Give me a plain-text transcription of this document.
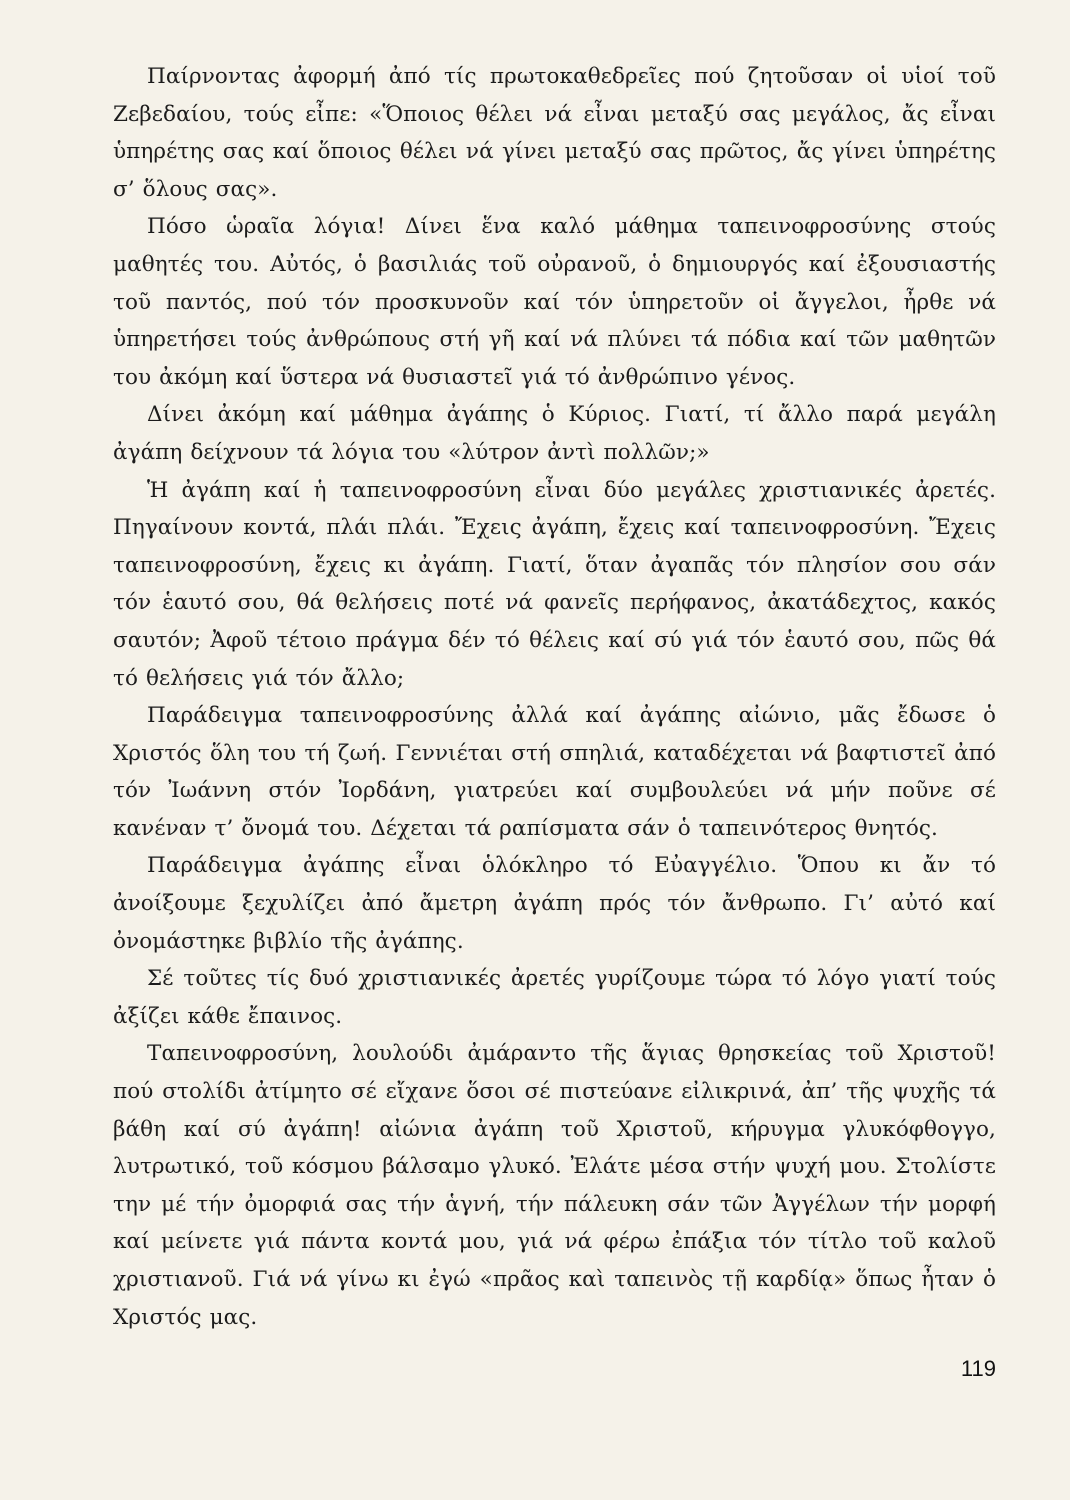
Παίρνοντας ἀφορμή ἀπό τίς πρωτοκαθεδρεῖες πού ζητοῦσαν οἱ υἱοί τοῦ Ζεβεδαίου, τούς εἶπε: «Ὅποιος θέλει νά εἶναι μεταξύ σας μεγάλος, ἄς εἶναι ὑπηρέτης σας καί ὅποιος θέλει νά γίνει μεταξύ σας πρῶτος, ἄς γίνει ὑπηρέτης σ’ ὅλους σας».

Πόσο ὡραῖα λόγια! Δίνει ἕνα καλό μάθημα ταπεινοφροσύνης στούς μαθητές του. Αὐτός, ὁ βασιλιάς τοῦ οὐρανοῦ, ὁ δημιουργός καί ἐξουσιαστής τοῦ παντός, πού τόν προσκυνοῦν καί τόν ὑπηρετοῦν οἱ ἄγγελοι, ἦρθε νά ὑπηρετήσει τούς ἀνθρώπους στή γῆ καί νά πλύνει τά πόδια καί τῶν μαθητῶν του ἀκόμη καί ὕστερα νά θυσιαστεῖ γιά τό ἀνθρώπινο γένος.

Δίνει ἀκόμη καί μάθημα ἀγάπης ὁ Κύριος. Γιατί, τί ἄλλο παρά μεγάλη ἀγάπη δείχνουν τά λόγια του «λύτρον ἀντὶ πολλῶν;»

Ἡ ἀγάπη καί ἡ ταπεινοφροσύνη εἶναι δύο μεγάλες χριστιανικές ἀρετές. Πηγαίνουν κοντά, πλάι πλάι. Ἔχεις ἀγάπη, ἔχεις καί ταπεινοφροσύνη. Ἔχεις ταπεινοφροσύνη, ἔχεις κι ἀγάπη. Γιατί, ὅταν ἀγαπᾶς τόν πλησίον σου σάν τόν ἑαυτό σου, θά θελήσεις ποτέ νά φανεῖς περήφανος, ἀκατάδεχτος, κακός σαυτόν; Ἀφοῦ τέτοιο πράγμα δέν τό θέλεις καί σύ γιά τόν ἑαυτό σου, πῶς θά τό θελήσεις γιά τόν ἄλλο;

Παράδειγμα ταπεινοφροσύνης ἀλλά καί ἀγάπης αἰώνιο, μᾶς ἔδωσε ὁ Χριστός ὅλη του τή ζωή. Γεννιέται στή σπηλιά, καταδέχεται νά βαφτιστεῖ ἀπό τόν Ἰωάννη στόν Ἰορδάνη, γιατρεύει καί συμβουλεύει νά μήν ποῦνε σέ κανέναν τ’ ὄνομά του. Δέχεται τά ραπίσματα σάν ὁ ταπεινότερος θνητός.

Παράδειγμα ἀγάπης εἶναι ὁλόκληρο τό Εὐαγγέλιο. Ὅπου κι ἄν τό ἀνοίξουμε ξεχυλίζει ἀπό ἄμετρη ἀγάπη πρός τόν ἄνθρωπο. Γι’ αὐτό καί ὀνομάστηκε βιβλίο τῆς ἀγάπης.

Σέ τοῦτες τίς δυό χριστιανικές ἀρετές γυρίζουμε τώρα τό λόγο γιατί τούς ἀξίζει κάθε ἔπαινος.

Ταπεινοφροσύνη, λουλούδι ἀμάραντο τῆς ἅγιας θρησκείας τοῦ Χριστοῦ! πού στολίδι ἀτίμητο σέ εἴχανε ὅσοι σέ πιστεύανε εἰλικρινά, ἀπ’ τῆς ψυχῆς τά βάθη καί σύ ἀγάπη! αἰώνια ἀγάπη τοῦ Χριστοῦ, κήρυγμα γλυκόφθογγο, λυτρωτικό, τοῦ κόσμου βάλσαμο γλυκό. Ἐλάτε μέσα στήν ψυχή μου. Στολίστε την μέ τήν ὀμορφιά σας τήν ἁγνή, τήν πάλευκη σάν τῶν Ἀγγέλων τήν μορφή καί μείνετε γιά πάντα κοντά μου, γιά νά φέρω ἐπάξια τόν τίτλο τοῦ καλοῦ χριστιανοῦ. Γιά νά γίνω κι ἐγώ «πρᾶος καὶ ταπεινὸς τῇ καρδίᾳ» ὅπως ἦταν ὁ Χριστός μας.

119
